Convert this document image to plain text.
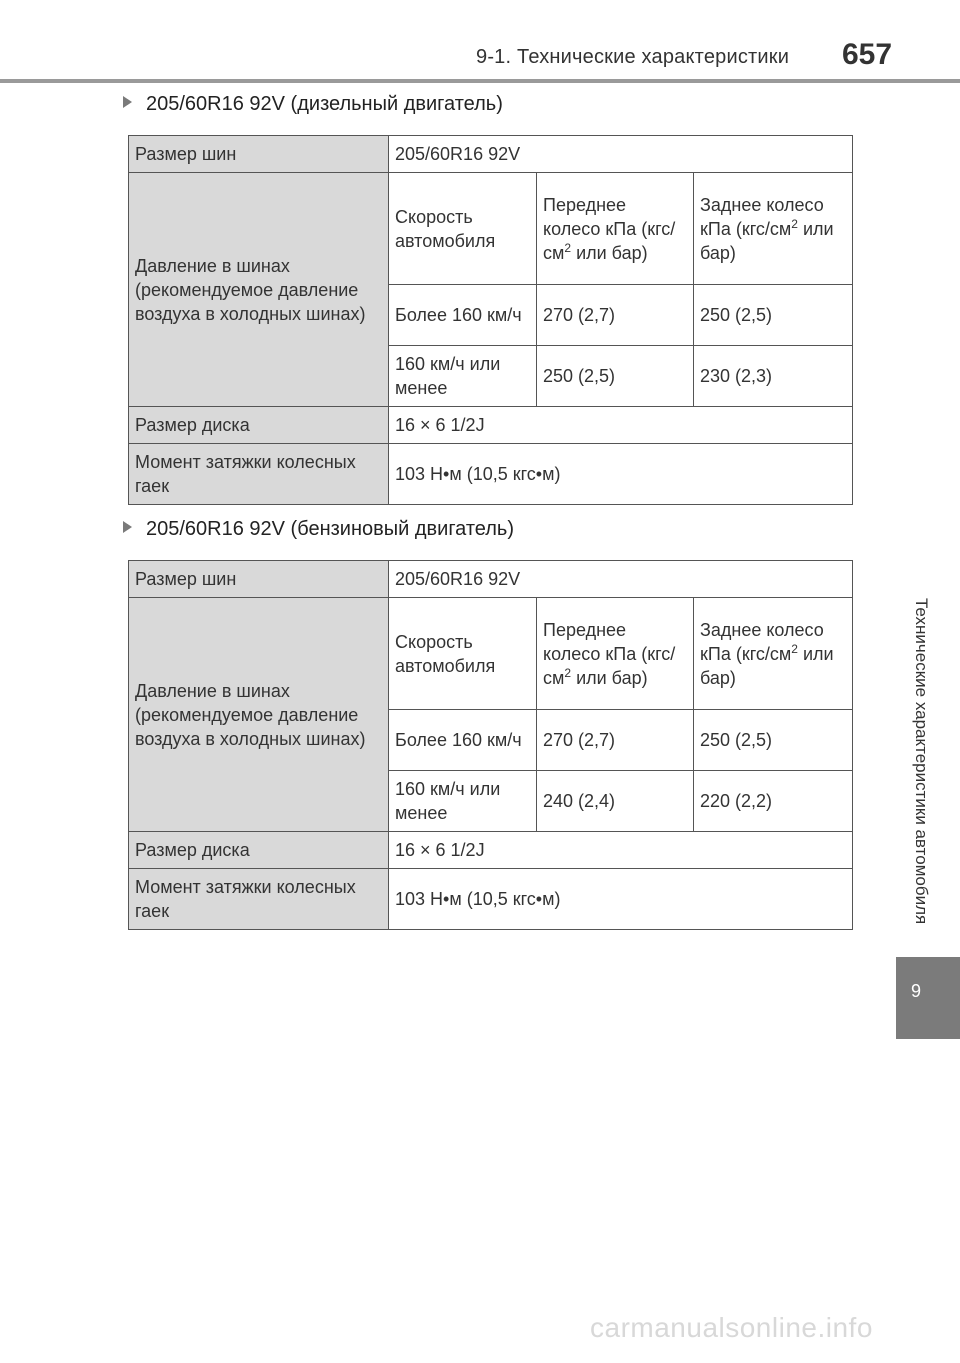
9-1. Технические характеристики 657
205/60R16 92V (дизельный двигатель)
Размер шин	205/60R16 92V		
Давление в шинах (рекомендуемое давление воздуха в холодных шинах)	Скорость автомобиля	Переднее колесо кПа ($кгс/см^2$ или бар)	Заднее колесо кПа ($кгс/см^2$ или бар)
	Более 160 км/ч	270 (2,7)	250 (2,5)
	160 км/ч или менее	250 (2,5)	230 (2,3)
Размер диска	16 × 6 1/2J		
Момент затяжки колесных гаек	103 Н•м (10,5 кгс•м)		
205/60R16 92V (бензиновый двигатель)
Размер шин	205/60R16 92V		
Давление в шинах (рекомендуемое давление воздуха в холодных шинах)	Скорость автомобиля	Переднее колесо кПа ($кгс/см^2$ или бар)	Заднее колесо кПа ($кгс/см^2$ или бар)
	Более 160 км/ч	270 (2,7)	250 (2,5)
	160 км/ч или менее	240 (2,4)	220 (2,2)
Размер диска	16 × 6 1/2J		
Момент затяжки колесных гаек	103 Н•м (10,5 кгс•м)			Технические характеристики автомобиля
9
carmanualsonline.info
